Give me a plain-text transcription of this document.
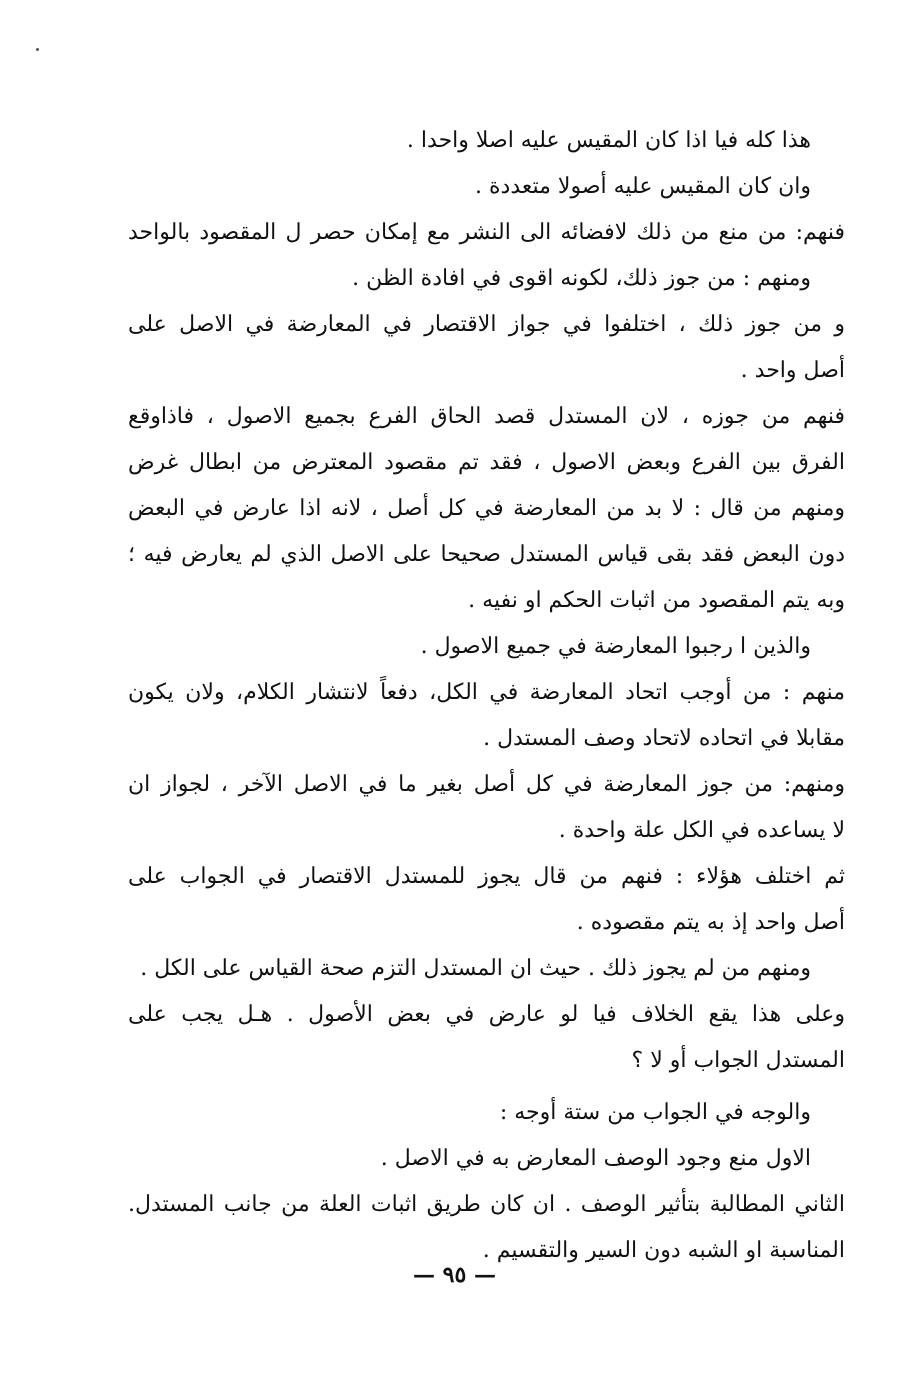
هذا كله فيا اذا كان المقيس عليه اصلا واحدا .
وان كان المقيس عليه أصولا متعددة .
فنهم: من منع من ذلك لافضائه الى النشر مع إمكان حصر ل المقصود بالواحد
ومنهم : من جوز ذلك، لكونه اقوى في افادة الظن .
و من جوز ذلك ، اختلفوا في جواز الاقتصار في المعارضة في الاصل على
أصل واحد .
فنهم من جوزه ، لان المستدل قصد الحاق الفرع بجميع الاصول ، فاذاوقع
الفرق بين الفرع وبعض الاصول ، فقد تم مقصود المعترض من ابطال غرض
ومنهم من قال : لا بد من المعارضة في كل أصل ، لانه اذا عارض في البعض
دون البعض فقد بقى قياس المستدل صحيحا على الاصل الذي لم يعارض فيه ؛
وبه يتم المقصود من اثبات الحكم او نفيه .
والذين ا رجبوا المعارضة في جميع الاصول .
منهم : من أوجب اتحاد المعارضة في الكل، دفعاً لانتشار الكلام، ولان يكون
مقابلا في اتحاده لاتحاد وصف المستدل .
ومنهم: من جوز المعارضة في كل أصل بغير ما في الاصل الآخر ، لجواز ان
لا يساعده في الكل علة واحدة .
ثم اختلف هؤلاء : فنهم من قال يجوز للمستدل الاقتصار في الجواب على
أصل واحد إذ به يتم مقصوده .
ومنهم من لم يجوز ذلك . حيث ان المستدل التزم صحة القياس على الكل .
وعلى هذا يقع الخلاف فيا لو عارض في بعض الأصول . هـل يجب على
المستدل الجواب أو لا ؟
والوجه في الجواب من ستة أوجه :
الاول منع وجود الوصف المعارض به في الاصل .
الثاني المطالبة بتأثير الوصف . ان كان طريق اثبات العلة من جانب المستدل.
المناسبة او الشبه دون السير والتقسيم .
— ٩٥ —
